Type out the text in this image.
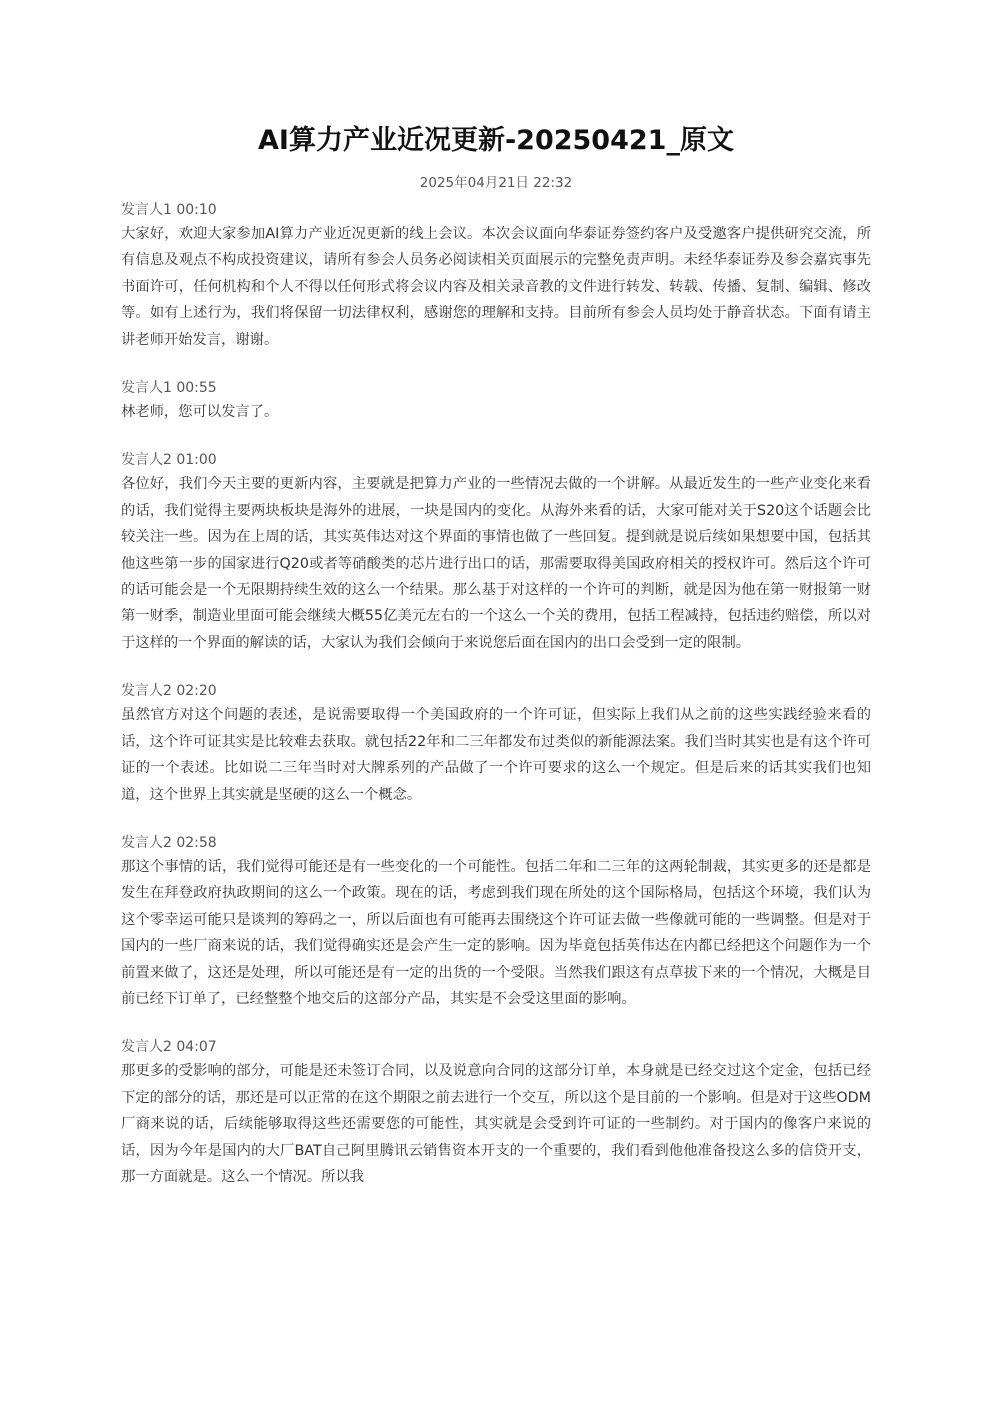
AI算力产业近况更新-20250421_原文
2025年04月21日 22:32
发言人1 00:10
大家好，欢迎大家参加AI算力产业近况更新的线上会议。本次会议面向华泰证券签约客户及受邀客户提供研究交流，所有信息及观点不构成投资建议，请所有参会人员务必阅读相关页面展示的完整免责声明。未经华泰证券及参会嘉宾事先书面许可，任何机构和个人不得以任何形式将会议内容及相关录音教的文件进行转发、转载、传播、复制、编辑、修改等。如有上述行为，我们将保留一切法律权利，感谢您的理解和支持。目前所有参会人员均处于静音状态。下面有请主讲老师开始发言，谢谢。
发言人1 00:55
林老师，您可以发言了。
发言人2 01:00
各位好，我们今天主要的更新内容，主要就是把算力产业的一些情况去做的一个讲解。从最近发生的一些产业变化来看的话，我们觉得主要两块板块是海外的进展，一块是国内的变化。从海外来看的话，大家可能对关于S20这个话题会比较关注一些。因为在上周的话，其实英伟达对这个界面的事情也做了一些回复。提到就是说后续如果想要中国，包括其他这些第一步的国家进行Q20或者等硝酸类的芯片进行出口的话，那需要取得美国政府相关的授权许可。然后这个许可的话可能会是一个无限期持续生效的这么一个结果。那么基于对这样的一个许可的判断，就是因为他在第一财报第一财第一财季，制造业里面可能会继续大概55亿美元左右的一个这么一个关的费用，包括工程减持，包括违约赔偿，所以对于这样的一个界面的解读的话，大家认为我们会倾向于来说您后面在国内的出口会受到一定的限制。
发言人2 02:20
虽然官方对这个问题的表述，是说需要取得一个美国政府的一个许可证，但实际上我们从之前的这些实践经验来看的话，这个许可证其实是比较难去获取。就包括22年和二三年都发布过类似的新能源法案。我们当时其实也是有这个许可证的一个表述。比如说二三年当时对大牌系列的产品做了一个许可要求的这么一个规定。但是后来的话其实我们也知道，这个世界上其实就是坚硬的这么一个概念。
发言人2 02:58
那这个事情的话，我们觉得可能还是有一些变化的一个可能性。包括二年和二三年的这两轮制裁，其实更多的还是都是发生在拜登政府执政期间的这么一个政策。现在的话，考虑到我们现在所处的这个国际格局，包括这个环境，我们认为这个零幸运可能只是谈判的筹码之一，所以后面也有可能再去围绕这个许可证去做一些像就可能的一些调整。但是对于国内的一些厂商来说的话，我们觉得确实还是会产生一定的影响。因为毕竟包括英伟达在内都已经把这个问题作为一个前置来做了，这还是处理，所以可能还是有一定的出货的一个受限。当然我们跟这有点草拔下来的一个情况，大概是目前已经下订单了，已经整整个地交后的这部分产品，其实是不会受这里面的影响。
发言人2 04:07
那更多的受影响的部分，可能是还未签订合同，以及说意向合同的这部分订单，本身就是已经交过这个定金，包括已经下定的部分的话，那还是可以正常的在这个期限之前去进行一个交互，所以这个是目前的一个影响。但是对于这些ODM厂商来说的话，后续能够取得这些还需要您的可能性，其实就是会受到许可证的一些制约。对于国内的像客户来说的话，因为今年是国内的大厂BAT自己阿里腾讯云销售资本开支的一个重要的，我们看到他他准备投这么多的信贷开支，那一方面就是。这么一个情况。所以我
